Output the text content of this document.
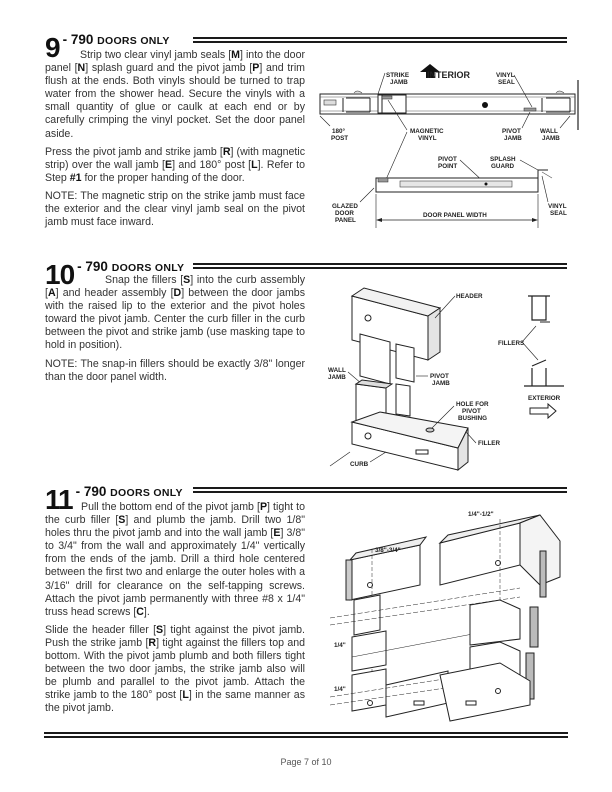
9 - 790 DOORS ONLY

Strip two clear vinyl jamb seals [M] into the door panel [N] splash guard and the pivot jamb [P] and trim flush at the ends. Both vinyls should be turned to trap water from the shower head. Secure the vinyls with a small quantity of glue or caulk at each end or by carefully crimping the vinyl pocket. Set the door panel aside.

Press the pivot jamb and strike jamb [R] (with magnetic strip) over the wall jamb [E] and 180° post [L]. Refer to Step #1 for the proper handing of the door.

NOTE: The magnetic strip on the strike jamb must face the exterior and the clear vinyl jamb seal on the pivot jamb must face inward.

INTERIOR
STRIKE
JAMB
VINYL
SEAL
180°
POST
MAGNETIC
VINYL
PIVOT
JAMB
WALL
JAMB
PIVOT
POINT
SPLASH
GUARD
GLAZED
DOOR
PANEL
DOOR PANEL WIDTH
VINYL
SEAL
10 - 790 DOORS ONLY

Snap the fillers [S] into the curb assembly [A] and header assembly [D] between the door jambs with the raised lip to the exterior and the pivot holes toward the pivot jamb. Center the curb filler in the curb between the pivot and strike jamb (use masking tape to hold in position).

NOTE: The snap-in fillers should be exactly 3/8" longer than the door panel width.

HEADER
PIVOT
JAMB
WALL
JAMB
HOLE FOR
PIVOT
BUSHING
FILLER
CURB
FILLERS
EXTERIOR
11 - 790 DOORS ONLY

Pull the bottom end of the pivot jamb [P] tight to the curb filler [S] and plumb the jamb. Drill two 1/8" holes thru the pivot jamb and into the wall jamb [E] 3/8" to 3/4" from the wall and approximately 1/4" vertically from the ends of the jamb. Drill a third hole centered between the first two and enlarge the outer holes with a 3/16" drill for clearance on the self-tapping screws. Attach the pivot jamb permanently with three #8 x 1/4" truss head screws [C].

Slide the header filler [S] tight against the pivot jamb. Push the strike jamb [R] tight against the fillers top and bottom. With the pivot jamb plumb and both fillers tight between the two door jambs, the strike jamb also will be plumb and parallel to the pivot jamb. Attach the strike jamb to the 180° post [L] in the same manner as the pivot jamb.

3/8"-3/4"
1/4"
1/4"
1/4"-1/2"
Page 7 of 10
